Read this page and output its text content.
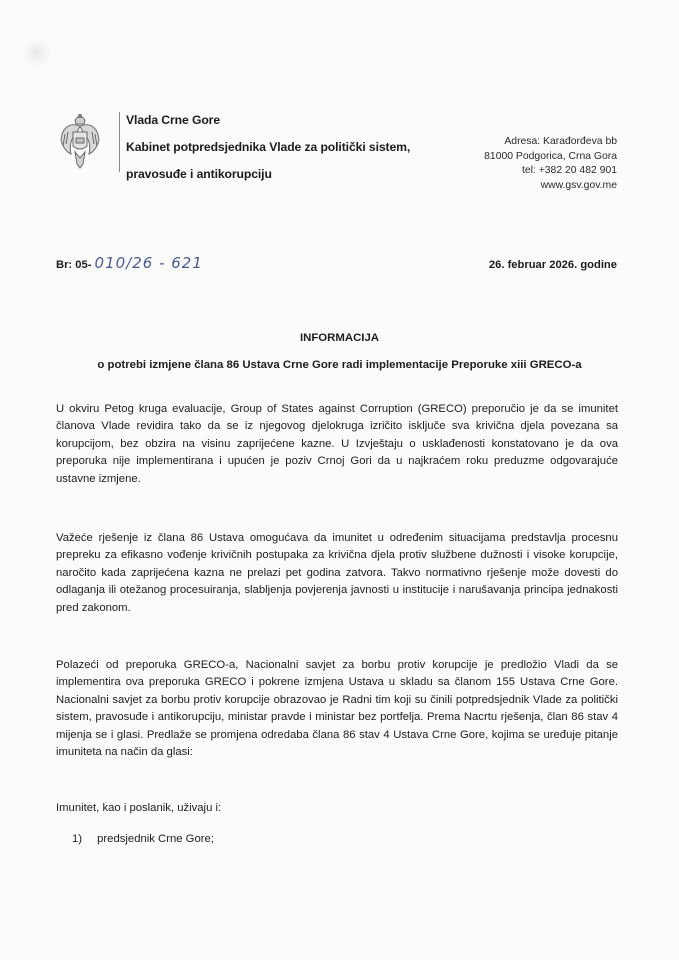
Vlada Crne Gore
Kabinet potpredsjednika Vlade za politički sistem,
pravosuđe i antikorupciju
Adresa: Karađorđeva bb
81000 Podgorica, Crna Gora
tel: +382 20 482 901
www.gsv.gov.me
Br: 05- 010/26 - 621	26. februar 2026. godine
INFORMACIJA
o potrebi izmjene člana 86 Ustava Crne Gore radi implementacije Preporuke xiii GRECO-a
U okviru Petog kruga evaluacije, Group of States against Corruption (GRECO) preporučio je da se imunitet članova Vlade revidira tako da se iz njegovog djelokruga izričito isključe sva krivična djela povezana sa korupcijom, bez obzira na visinu zaprijećene kazne. U Izvještaju o usklađenosti konstatovano je da ova preporuka nije implementirana i upućen je poziv Crnoj Gori da u najkraćem roku preduzme odgovarajuće ustavne izmjene.
Važeće rješenje iz člana 86 Ustava omogućava da imunitet u određenim situacijama predstavlja procesnu prepreku za efikasno vođenje krivičnih postupaka za krivična djela protiv službene dužnosti i visoke korupcije, naročito kada zaprijećena kazna ne prelazi pet godina zatvora. Takvo normativno rješenje može dovesti do odlaganja ili otežanog procesuiranja, slabljenja povjerenja javnosti u institucije i narušavanja principa jednakosti pred zakonom.
Polazeći od preporuka GRECO-a, Nacionalni savjet za borbu protiv korupcije je predložio Vladi da se implementira ova preporuka GRECO i pokrene izmjena Ustava u skladu sa članom 155 Ustava Crne Gore. Nacionalni savjet za borbu protiv korupcije obrazovao je Radni tim koji su činili potpredsjednik Vlade za politički sistem, pravosuđe i antikorupciju, ministar pravde i ministar bez portfelja. Prema Nacrtu rješenja, član 86 stav 4 mijenja se i glasi. Predlaže se promjena odredaba člana 86 stav 4 Ustava Crne Gore, kojima se uređuje pitanje imuniteta na način da glasi:
Imunitet, kao i poslanik, uživaju i:
1) predsjednik Crne Gore;
